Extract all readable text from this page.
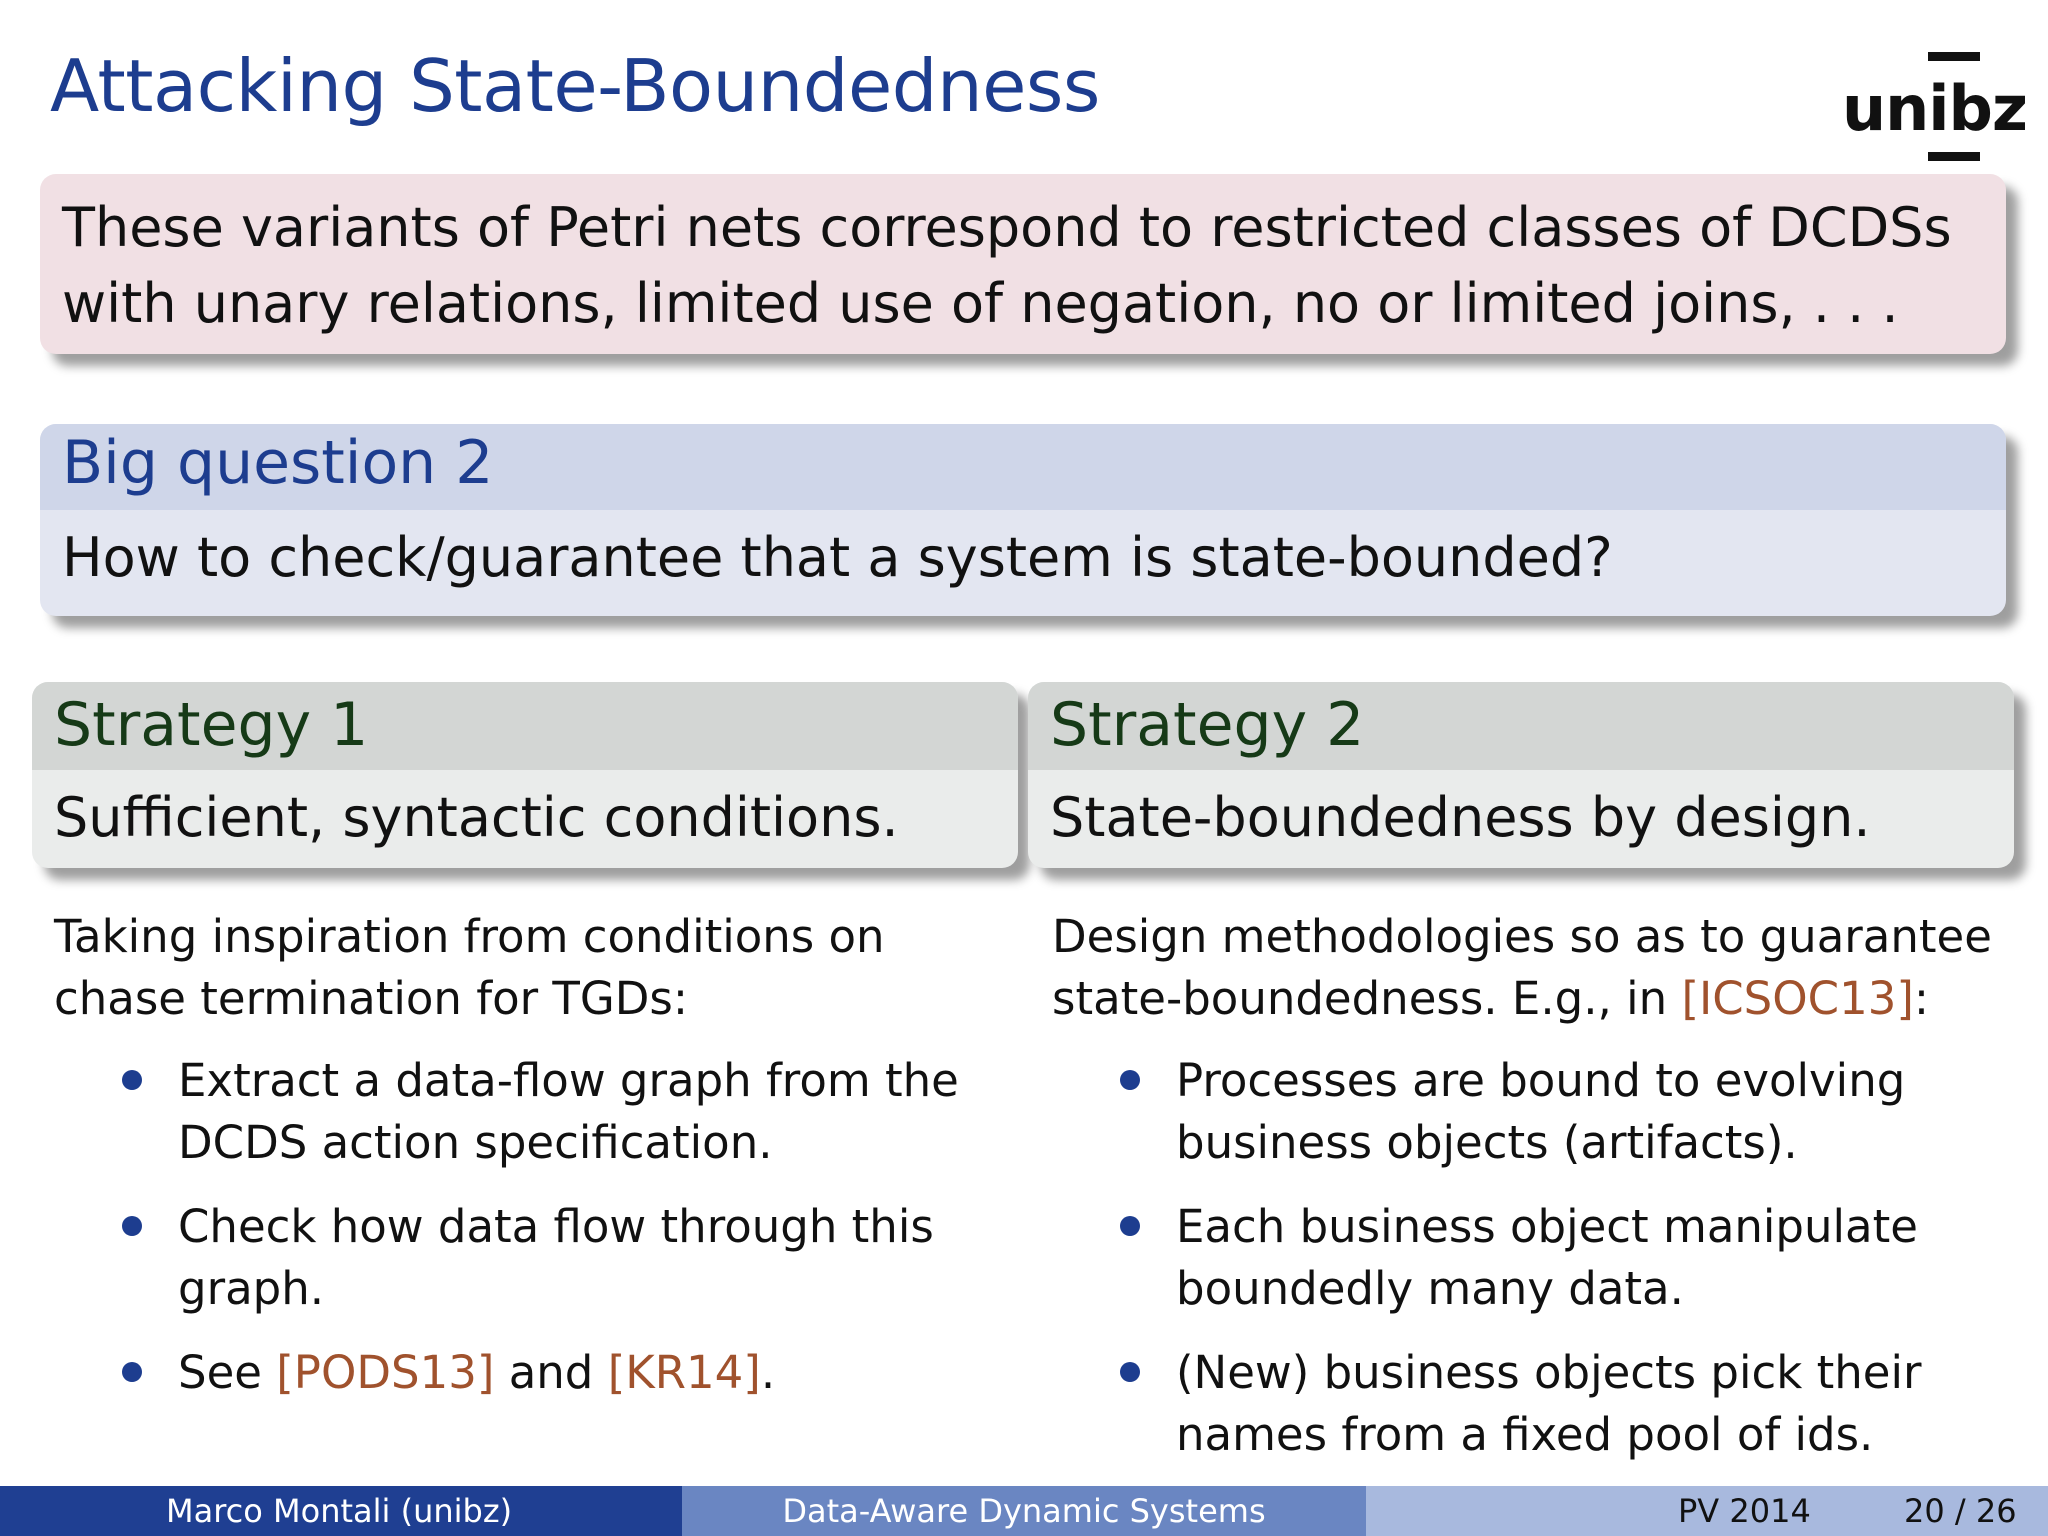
Attacking State-Boundedness	unibz
These variants of Petri nets correspond to restricted classes of DCDSs with unary relations, limited use of negation, no or limited joins, . . .
Big question 2
How to check/guarantee that a system is state-bounded?
Strategy 1
Sufficient, syntactic conditions.
Strategy 2
State-boundedness by design.

Taking inspiration from conditions on chase termination for TGDs:

Extract a data-flow graph from the DCDS action specification.
Check how data flow through this graph.
See [PODS13] and [KR14].

Design methodologies so as to guarantee state-boundedness. E.g., in [ICSOC13]:

Processes are bound to evolving business objects (artifacts).
Each business object manipulate boundedly many data.
(New) business objects pick their names from a fixed pool of ids.
Marco Montali (unibz)	Data-Aware Dynamic Systems	PV 2014	20 / 26
